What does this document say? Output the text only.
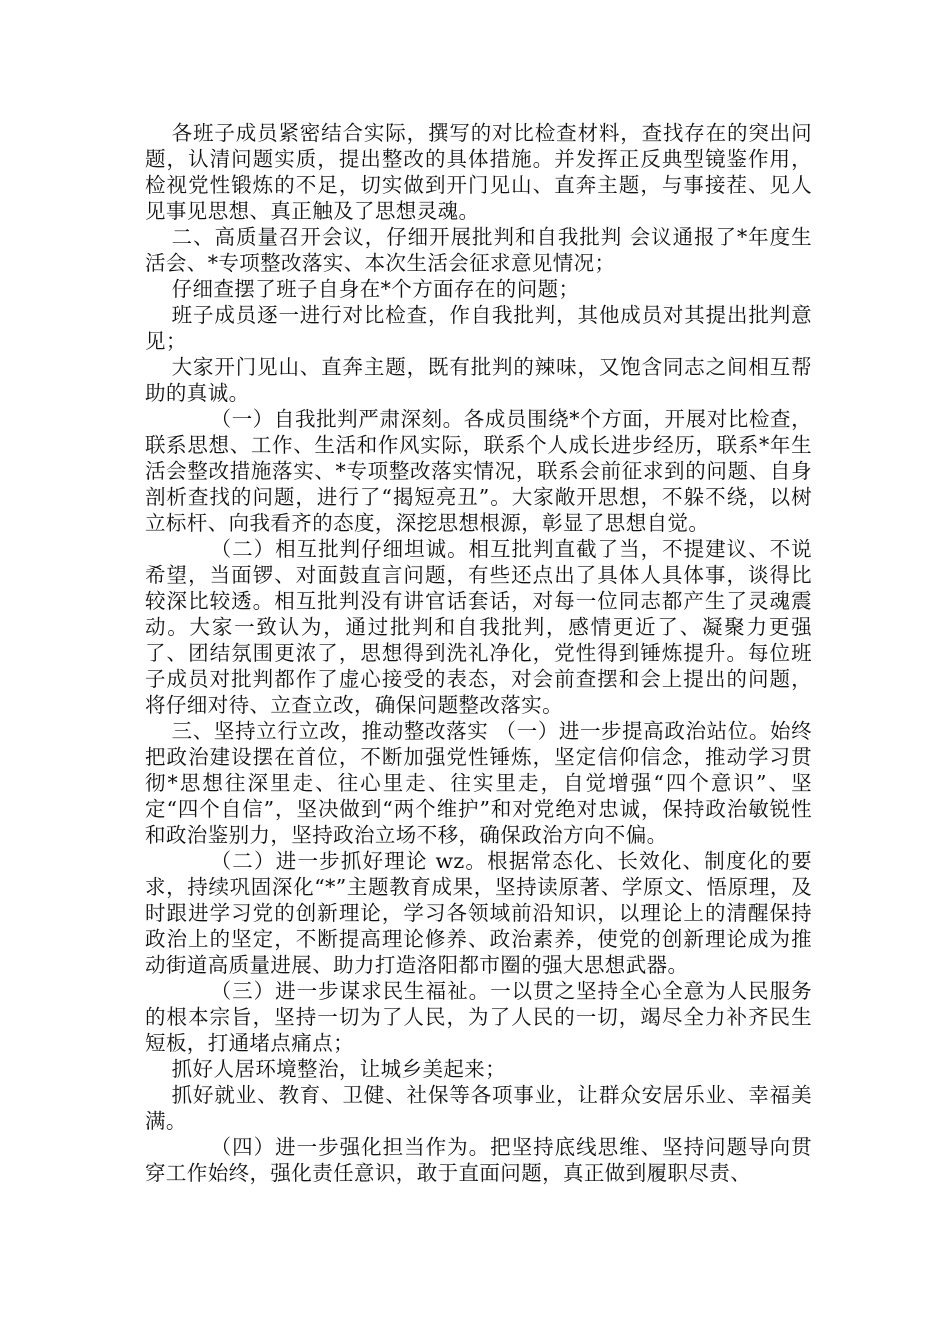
各班子成员紧密结合实际，撰写的对比检查材料，查找存在的突出问题，认清问题实质，提出整改的具体措施。并发挥正反典型镜鉴作用，检视党性锻炼的不足，切实做到开门见山、直奔主题，与事接茬、见人见事见思想、真正触及了思想灵魂。

二、高质量召开会议，仔细开展批判和自我批判 会议通报了*年度生活会、*专项整改落实、本次生活会征求意见情况；

仔细查摆了班子自身在*个方面存在的问题；

班子成员逐一进行对比检查，作自我批判，其他成员对其提出批判意见；

大家开门见山、直奔主题，既有批判的辣味，又饱含同志之间相互帮助的真诚。

（一）自我批判严肃深刻。各成员围绕*个方面，开展对比检查，联系思想、工作、生活和作风实际，联系个人成长进步经历，联系*年生活会整改措施落实、*专项整改落实情况，联系会前征求到的问题、自身剖析查找的问题，进行了“揭短亮丑”。大家敞开思想，不躲不绕，以树立标杆、向我看齐的态度，深挖思想根源，彰显了思想自觉。

（二）相互批判仔细坦诚。相互批判直截了当，不提建议、不说希望，当面锣、对面鼓直言问题，有些还点出了具体人具体事，谈得比较深比较透。相互批判没有讲官话套话，对每一位同志都产生了灵魂震动。大家一致认为，通过批判和自我批判，感情更近了、凝聚力更强了、团结氛围更浓了，思想得到洗礼净化，党性得到锤炼提升。每位班子成员对批判都作了虚心接受的表态，对会前查摆和会上提出的问题，将仔细对待、立查立改，确保问题整改落实。

三、坚持立行立改，推动整改落实 （一）进一步提高政治站位。始终把政治建设摆在首位，不断加强党性锤炼，坚定信仰信念，推动学习贯彻*思想往深里走、往心里走、往实里走，自觉增强“四个意识”、坚定“四个自信”，坚决做到“两个维护”和对党绝对忠诚，保持政治敏锐性和政治鉴别力，坚持政治立场不移，确保政治方向不偏。

（二）进一步抓好理论 wz。根据常态化、长效化、制度化的要求，持续巩固深化“*”主题教育成果，坚持读原著、学原文、悟原理，及时跟进学习党的创新理论，学习各领域前沿知识，以理论上的清醒保持政治上的坚定，不断提高理论修养、政治素养，使党的创新理论成为推动街道高质量进展、助力打造洛阳都市圈的强大思想武器。

（三）进一步谋求民生福祉。一以贯之坚持全心全意为人民服务的根本宗旨，坚持一切为了人民，为了人民的一切，竭尽全力补齐民生短板，打通堵点痛点；

抓好人居环境整治，让城乡美起来；

抓好就业、教育、卫健、社保等各项事业，让群众安居乐业、幸福美满。

（四）进一步强化担当作为。把坚持底线思维、坚持问题导向贯穿工作始终，强化责任意识，敢于直面问题，真正做到履职尽责、
